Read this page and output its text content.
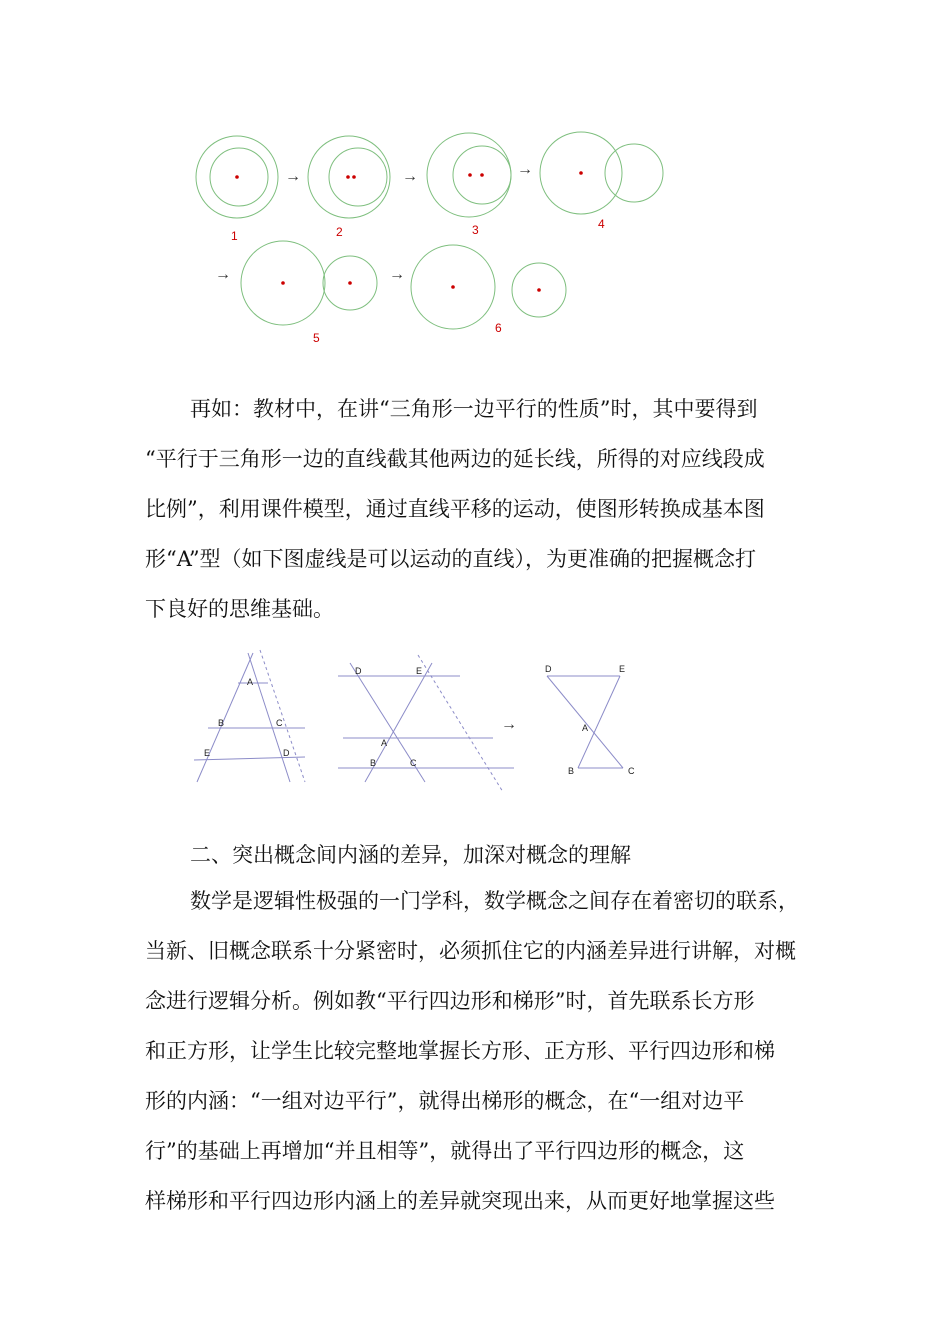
→	→	→
→	→
1	2	3	4
5
6
再如：教材中，在讲“三角形一边平行的性质”时，其中要得到
“平行于三角形一边的直线截其他两边的延长线，所得的对应线段成
比例”，利用课件模型，通过直线平移的运动，使图形转换成基本图
形“A”型（如下图虚线是可以运动的直线），为更准确的把握概念打
下良好的思维基础。
A
B	C
E	D
D	E
A
B	C
D	E
A
B	C
→
二、突出概念间内涵的差异，加深对概念的理解
数学是逻辑性极强的一门学科，数学概念之间存在着密切的联系，
当新、旧概念联系十分紧密时，必须抓住它的内涵差异进行讲解，对概
念进行逻辑分析。例如教“平行四边形和梯形”时，首先联系长方形
和正方形，让学生比较完整地掌握长方形、正方形、平行四边形和梯
形的内涵：“一组对边平行”，就得出梯形的概念，在“一组对边平
行”的基础上再增加“并且相等”，就得出了平行四边形的概念，这
样梯形和平行四边形内涵上的差异就突现出来，从而更好地掌握这些
